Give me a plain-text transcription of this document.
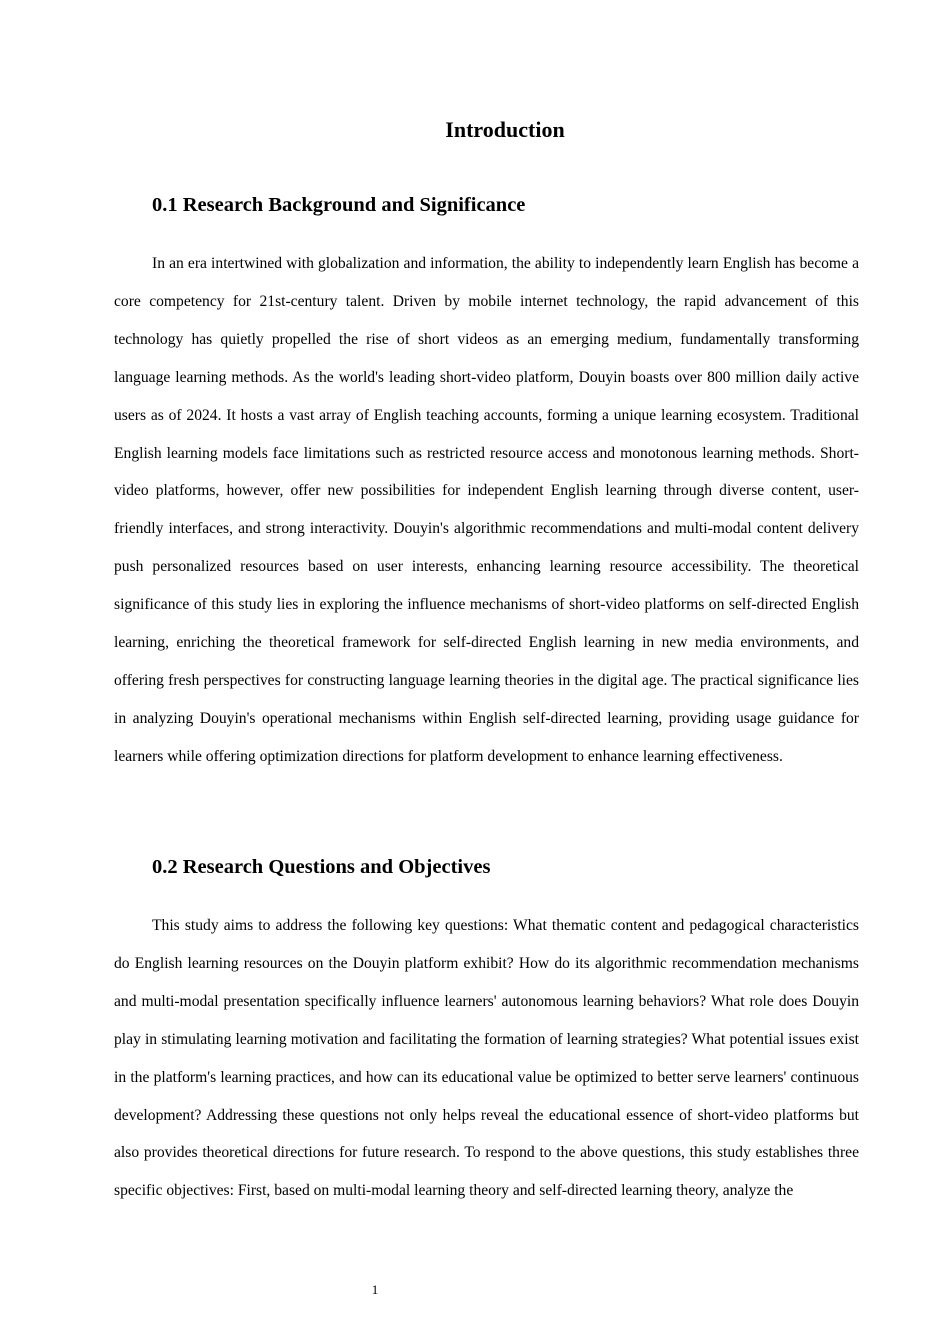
Introduction
0.1 Research Background and Significance

In an era intertwined with globalization and information, the ability to independently learn English has become a core competency for 21st-century talent. Driven by mobile internet technology, the rapid advancement of this technology has quietly propelled the rise of short videos as an emerging medium, fundamentally transforming language learning methods. As the world's leading short-video platform, Douyin boasts over 800 million daily active users as of 2024. It hosts a vast array of English teaching accounts, forming a unique learning ecosystem. Traditional English learning models face limitations such as restricted resource access and monotonous learning methods. Short-video platforms, however, offer new possibilities for independent English learning through diverse content, user-friendly interfaces, and strong interactivity. Douyin's algorithmic recommendations and multi-modal content delivery push personalized resources based on user interests, enhancing learning resource accessibility. The theoretical significance of this study lies in exploring the influence mechanisms of short-video platforms on self-directed English learning, enriching the theoretical framework for self-directed English learning in new media environments, and offering fresh perspectives for constructing language learning theories in the digital age. The practical significance lies in analyzing Douyin's operational mechanisms within English self-directed learning, providing usage guidance for learners while offering optimization directions for platform development to enhance learning effectiveness.

0.2 Research Questions and Objectives

This study aims to address the following key questions: What thematic content and pedagogical characteristics do English learning resources on the Douyin platform exhibit? How do its algorithmic recommendation mechanisms and multi-modal presentation specifically influence learners' autonomous learning behaviors? What role does Douyin play in stimulating learning motivation and facilitating the formation of learning strategies? What potential issues exist in the platform's learning practices, and how can its educational value be optimized to better serve learners' continuous development? Addressing these questions not only helps reveal the educational essence of short-video platforms but also provides theoretical directions for future research. To respond to the above questions, this study establishes three specific objectives: First, based on multi-modal learning theory and self-directed learning theory, analyze the

1
